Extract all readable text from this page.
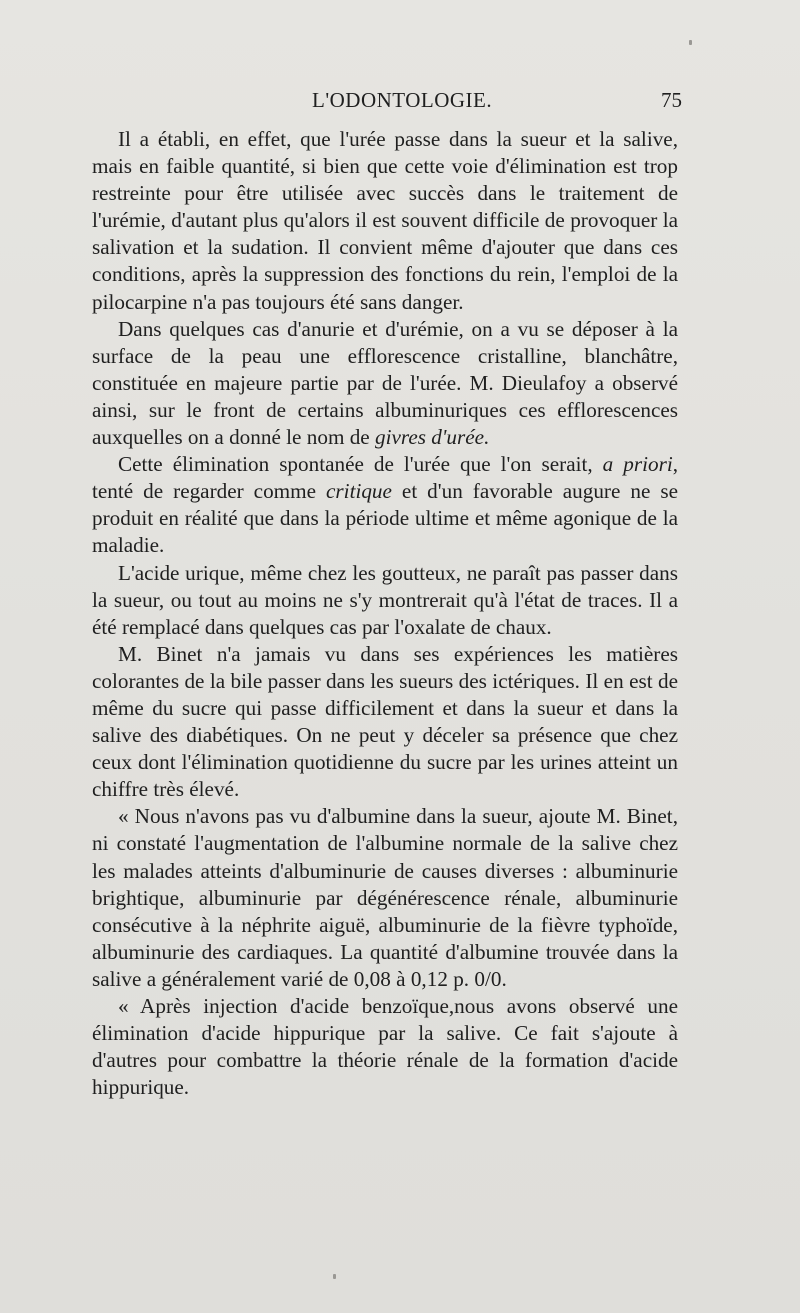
L'ODONTOLOGIE.	75

Il a établi, en effet, que l'urée passe dans la sueur et la salive, mais en faible quantité, si bien que cette voie d'élimination est trop restreinte pour être utilisée avec succès dans le traitement de l'urémie, d'autant plus qu'alors il est souvent difficile de provoquer la salivation et la sudation. Il convient même d'ajouter que dans ces conditions, après la suppression des fonctions du rein, l'emploi de la pilocarpine n'a pas toujours été sans danger.

Dans quelques cas d'anurie et d'urémie, on a vu se déposer à la surface de la peau une efflorescence cristalline, blanchâtre, constituée en majeure partie par de l'urée. M. Dieulafoy a observé ainsi, sur le front de certains albuminuriques ces efflorescences auxquelles on a donné le nom de givres d'urée.

Cette élimination spontanée de l'urée que l'on serait, a priori, tenté de regarder comme critique et d'un favorable augure ne se produit en réalité que dans la période ultime et même agonique de la maladie.

L'acide urique, même chez les goutteux, ne paraît pas passer dans la sueur, ou tout au moins ne s'y montrerait qu'à l'état de traces. Il a été remplacé dans quelques cas par l'oxalate de chaux.

M. Binet n'a jamais vu dans ses expériences les matières colorantes de la bile passer dans les sueurs des ictériques. Il en est de même du sucre qui passe difficilement et dans la sueur et dans la salive des diabétiques. On ne peut y déceler sa présence que chez ceux dont l'élimination quotidienne du sucre par les urines atteint un chiffre très élevé.

« Nous n'avons pas vu d'albumine dans la sueur, ajoute M. Binet, ni constaté l'augmentation de l'albumine normale de la salive chez les malades atteints d'albuminurie de causes diverses : albuminurie brightique, albuminurie par dégénérescence rénale, albuminurie consécutive à la néphrite aiguë, albuminurie de la fièvre typhoïde, albuminurie des cardiaques. La quantité d'albumine trouvée dans la salive a généralement varié de 0,08 à 0,12 p. 0/0.

« Après injection d'acide benzoïque,nous avons observé une élimination d'acide hippurique par la salive. Ce fait s'ajoute à d'autres pour combattre la théorie rénale de la formation d'acide hippurique.
